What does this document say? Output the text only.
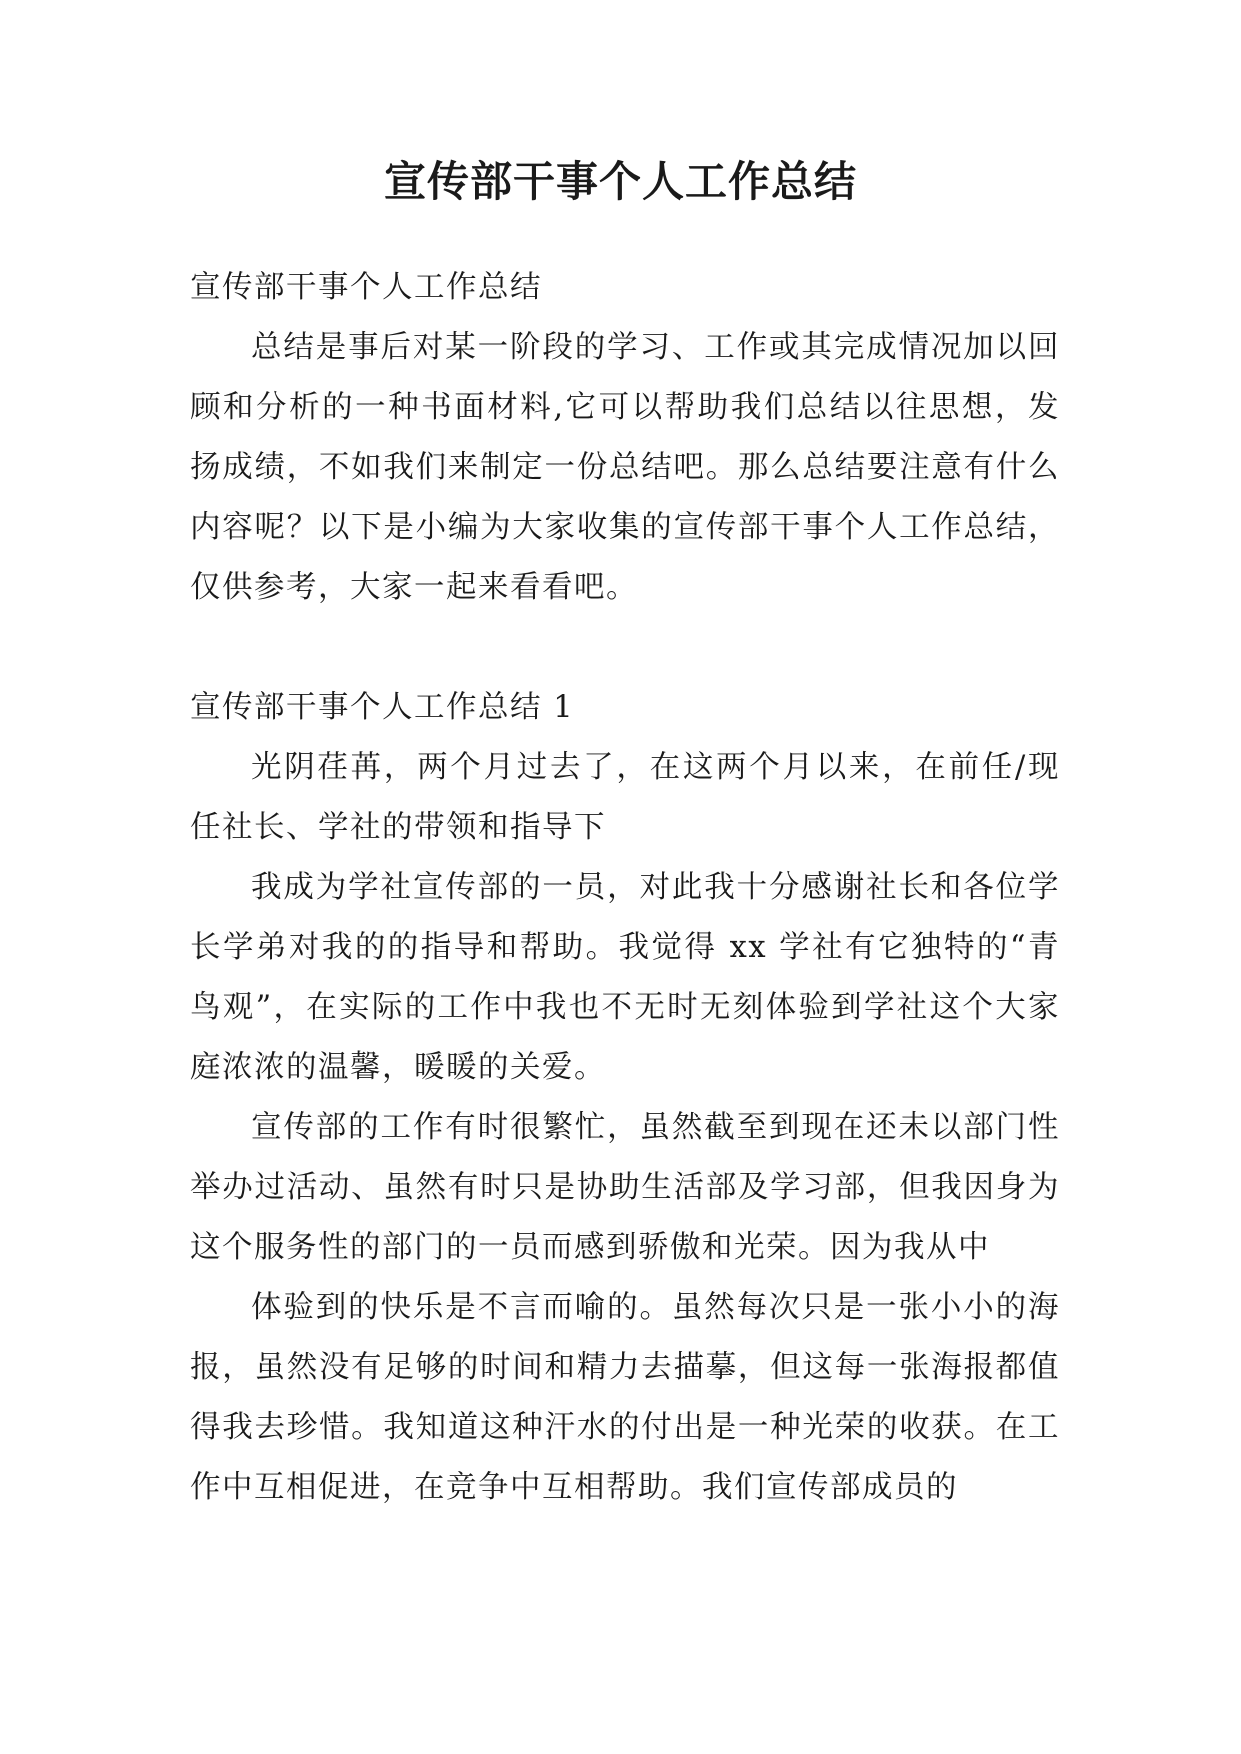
宣传部干事个人工作总结

宣传部干事个人工作总结

总结是事后对某一阶段的学习、工作或其完成情况加以回顾和分析的一种书面材料,它可以帮助我们总结以往思想，发扬成绩，不如我们来制定一份总结吧。那么总结要注意有什么内容呢？以下是小编为大家收集的宣传部干事个人工作总结，仅供参考，大家一起来看看吧。

宣传部干事个人工作总结 1

光阴荏苒，两个月过去了，在这两个月以来，在前任/现任社长、学社的带领和指导下

我成为学社宣传部的一员，对此我十分感谢社长和各位学长学弟对我的的指导和帮助。我觉得 xx 学社有它独特的“青鸟观”，在实际的工作中我也不无时无刻体验到学社这个大家庭浓浓的温馨，暖暖的关爱。

宣传部的工作有时很繁忙，虽然截至到现在还未以部门性举办过活动、虽然有时只是协助生活部及学习部，但我因身为这个服务性的部门的一员而感到骄傲和光荣。因为我从中

体验到的快乐是不言而喻的。虽然每次只是一张小小的海报，虽然没有足够的时间和精力去描摹，但这每一张海报都值得我去珍惜。我知道这种汗水的付出是一种光荣的收获。在工作中互相促进，在竞争中互相帮助。我们宣传部成员的
